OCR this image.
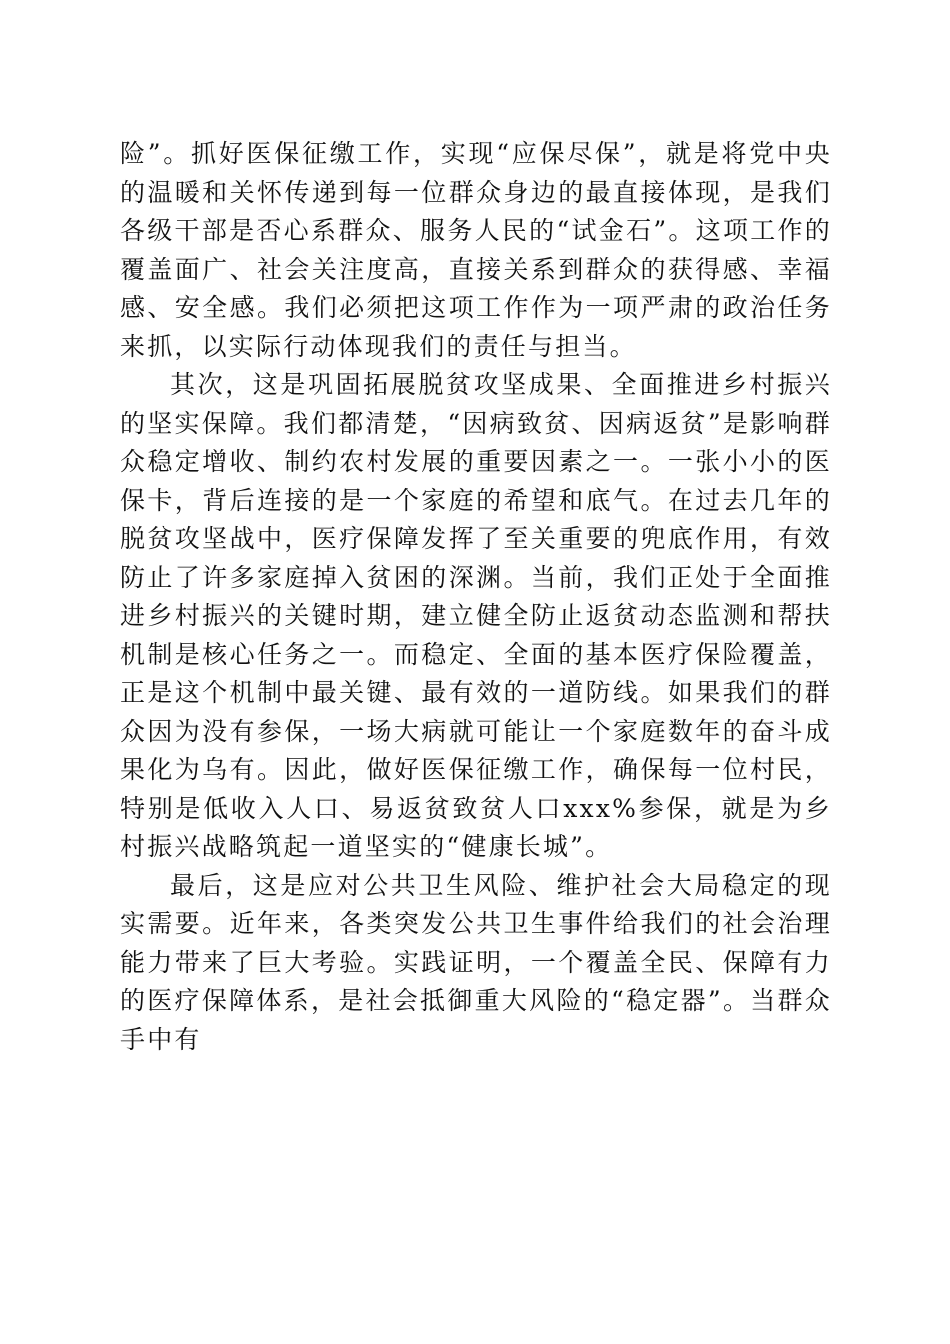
险”。抓好医保征缴工作，实现“应保尽保”，就是将党中央的温暖和关怀传递到每一位群众身边的最直接体现，是我们各级干部是否心系群众、服务人民的“试金石”。这项工作的覆盖面广、社会关注度高，直接关系到群众的获得感、幸福感、安全感。我们必须把这项工作作为一项严肃的政治任务来抓，以实际行动体现我们的责任与担当。

其次，这是巩固拓展脱贫攻坚成果、全面推进乡村振兴的坚实保障。我们都清楚，“因病致贫、因病返贫”是影响群众稳定增收、制约农村发展的重要因素之一。一张小小的医保卡，背后连接的是一个家庭的希望和底气。在过去几年的脱贫攻坚战中，医疗保障发挥了至关重要的兜底作用，有效防止了许多家庭掉入贫困的深渊。当前，我们正处于全面推进乡村振兴的关键时期，建立健全防止返贫动态监测和帮扶机制是核心任务之一。而稳定、全面的基本医疗保险覆盖，正是这个机制中最关键、最有效的一道防线。如果我们的群众因为没有参保，一场大病就可能让一个家庭数年的奋斗成果化为乌有。因此，做好医保征缴工作，确保每一位村民，特别是低收入人口、易返贫致贫人口xxx%参保，就是为乡村振兴战略筑起一道坚实的“健康长城”。

最后，这是应对公共卫生风险、维护社会大局稳定的现实需要。近年来，各类突发公共卫生事件给我们的社会治理能力带来了巨大考验。实践证明，一个覆盖全民、保障有力的医疗保障体系，是社会抵御重大风险的“稳定器”。当群众手中有
